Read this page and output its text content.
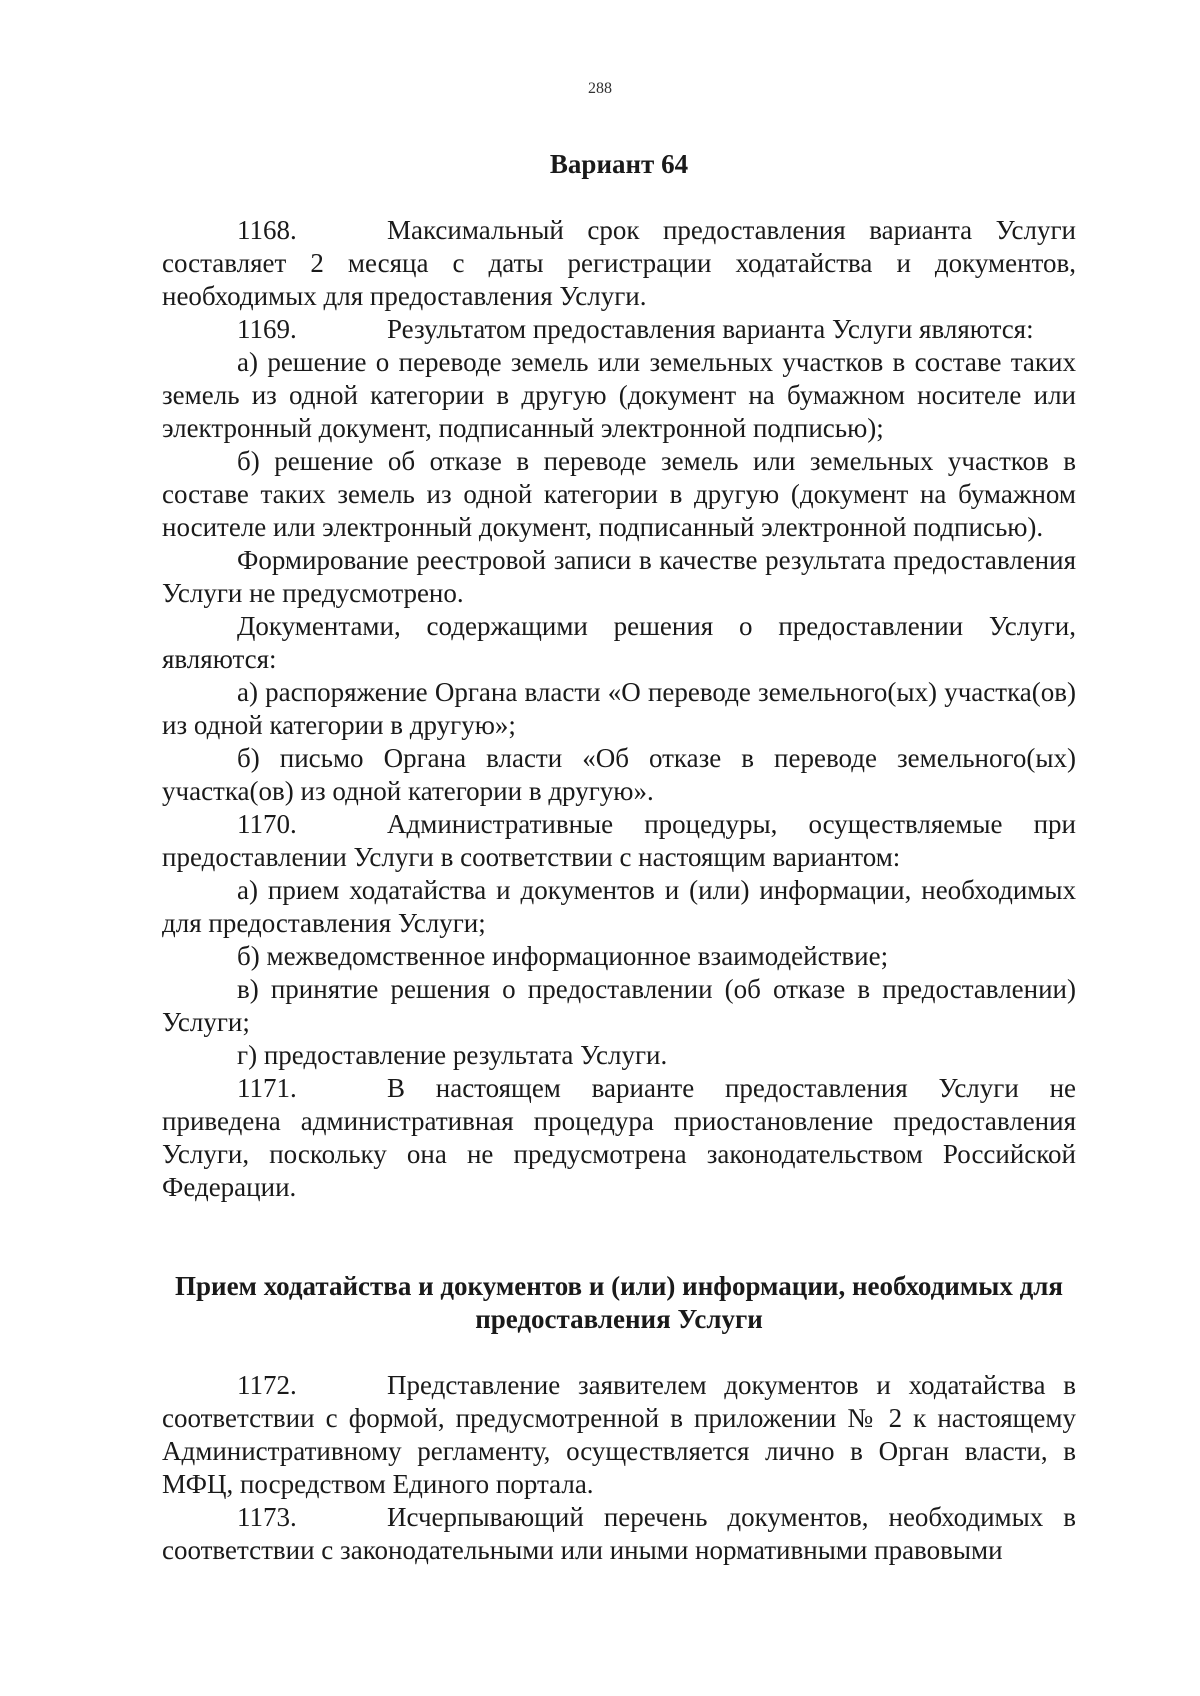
288

Вариант 64

1168.	Максимальный срок предоставления варианта Услуги составляет 2 месяца с даты регистрации ходатайства и документов, необходимых для предоставления Услуги.

1169.	Результатом предоставления варианта Услуги являются:

а) решение о переводе земель или земельных участков в составе таких земель из одной категории в другую (документ на бумажном носителе или электронный документ, подписанный электронной подписью);

б) решение об отказе в переводе земель или земельных участков в составе таких земель из одной категории в другую (документ на бумажном носителе или электронный документ, подписанный электронной подписью).

Формирование реестровой записи в качестве результата предоставления Услуги не предусмотрено.

Документами, содержащими решения о предоставлении Услуги, являются:

а) распоряжение Органа власти «О переводе земельного(ых) участка(ов) из одной категории в другую»;

б) письмо Органа власти «Об отказе в переводе земельного(ых) участка(ов) из одной категории в другую».

1170.	Административные процедуры, осуществляемые при предоставлении Услуги в соответствии с настоящим вариантом:

а) прием ходатайства и документов и (или) информации, необходимых для предоставления Услуги;

б) межведомственное информационное взаимодействие;

в) принятие решения о предоставлении (об отказе в предоставлении) Услуги;

г) предоставление результата Услуги.

1171.	В настоящем варианте предоставления Услуги не приведена административная процедура приостановление предоставления Услуги, поскольку она не предусмотрена законодательством Российской Федерации.

Прием ходатайства и документов и (или) информации, необходимых для предоставления Услуги

1172.	Представление заявителем документов и ходатайства в соответствии с формой, предусмотренной в приложении № 2 к настоящему Административному регламенту, осуществляется лично в Орган власти, в МФЦ, посредством Единого портала.

1173.	Исчерпывающий перечень документов, необходимых в соответствии с законодательными или иными нормативными правовыми
